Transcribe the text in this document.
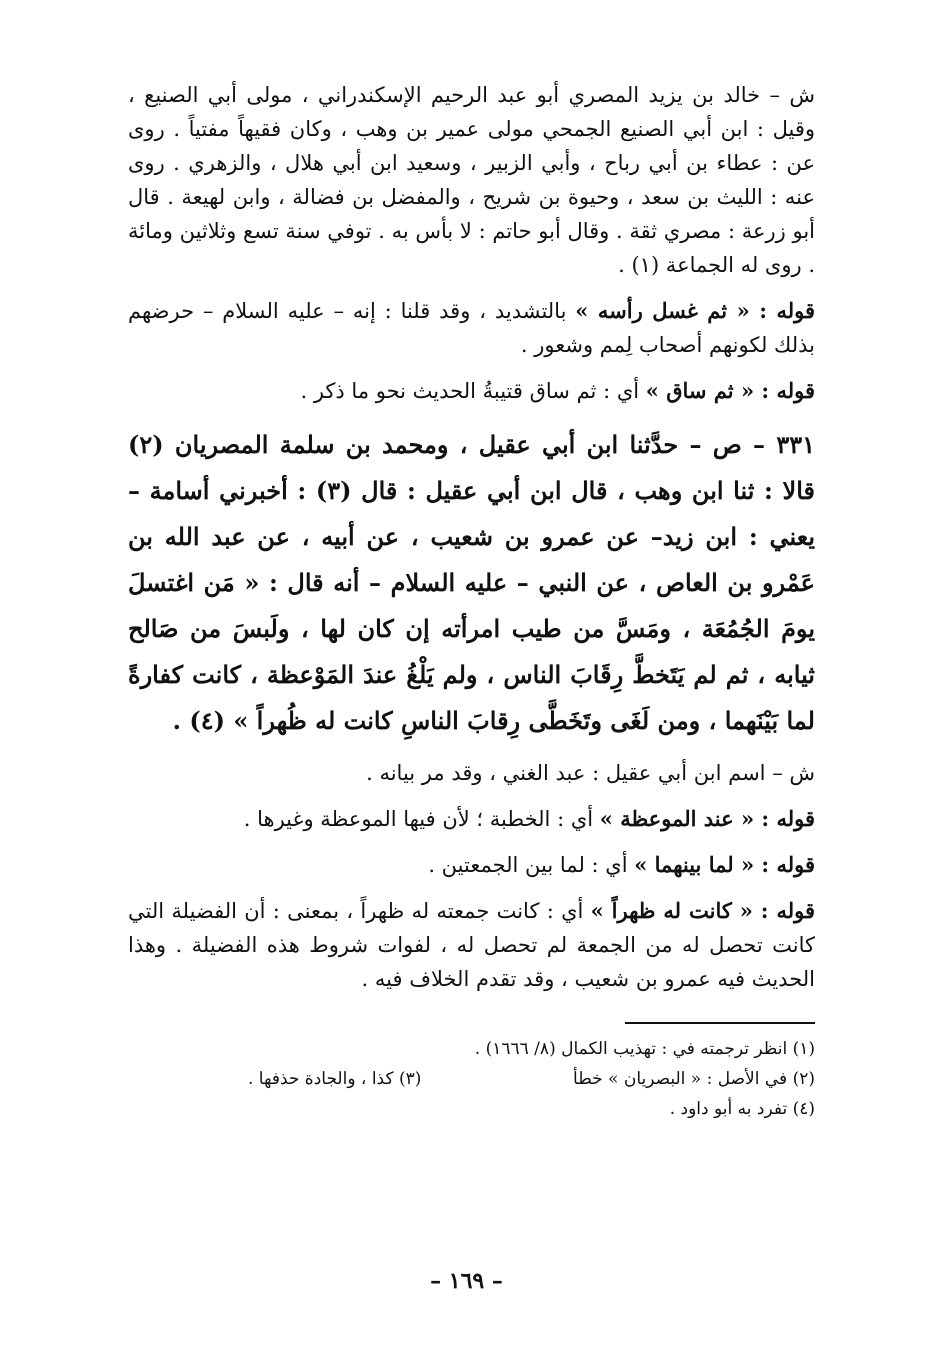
ش – خالد بن يزيد المصري أبو عبد الرحيم الإسكندراني ، مولى أبي الصنيع ، وقيل : ابن أبي الصنيع الجمحي مولى عمير بن وهب ، وكان فقيهاً مفتياً . روى عن : عطاء بن أبي رباح ، وأبي الزبير ، وسعيد ابن أبي هلال ، والزهري . روى عنه : الليث بن سعد ، وحيوة بن شريح ، والمفضل بن فضالة ، وابن لهيعة . قال أبو زرعة : مصري ثقة . وقال أبو حاتم : لا بأس به . توفي سنة تسع وثلاثين ومائة . روى له الجماعة (١) .

قوله : « ثم غسل رأسه » بالتشديد ، وقد قلنا : إنه – عليه السلام – حرضهم بذلك لكونهم أصحاب لِمم وشعور .

قوله : « ثم ساق » أي : ثم ساق قتيبةُ الحديث نحو ما ذكر .

٣٣١ – ص – حدَّثنا ابن أبي عقيل ، ومحمد بن سلمة المصريان (٢) قالا : ثنا ابن وهب ، قال ابن أبي عقيل : قال (٣) : أخبرني أسامة – يعني : ابن زيد– عن عمرو بن شعيب ، عن أبيه ، عن عبد الله بن عَمْرو بن العاص ، عن النبي – عليه السلام – أنه قال : « مَن اغتسلَ يومَ الجُمُعَة ، ومَسَّ من طيب امرأته إن كان لها ، ولَبسَ من صَالح ثيابه ، ثم لم يَتَخطَّ رِقَابَ الناس ، ولم يَلْغُ عندَ المَوْعظة ، كانت كفارةً لما بَيْنَهما ، ومن لَغَى وتَخَطَّى رِقابَ الناسِ كانت له ظُهراً » (٤) .

ش – اسم ابن أبي عقيل : عبد الغني ، وقد مر بيانه .

قوله : « عند الموعظة » أي : الخطبة ؛ لأن فيها الموعظة وغيرها .

قوله : « لما بينهما » أي : لما بين الجمعتين .

قوله : « كانت له ظهراً » أي : كانت جمعته له ظهراً ، بمعنى : أن الفضيلة التي كانت تحصل له من الجمعة لم تحصل له ، لفوات شروط هذه الفضيلة . وهذا الحديث فيه عمرو بن شعيب ، وقد تقدم الخلاف فيه .

(١) انظر ترجمته في : تهذيب الكمال (٨/ ١٦٦٦) .

(٢) في الأصل : « البصريان » خطأ
(٣) كذا ، والجادة حذفها .

(٤) تفرد به أبو داود .

– ١٦٩ –
